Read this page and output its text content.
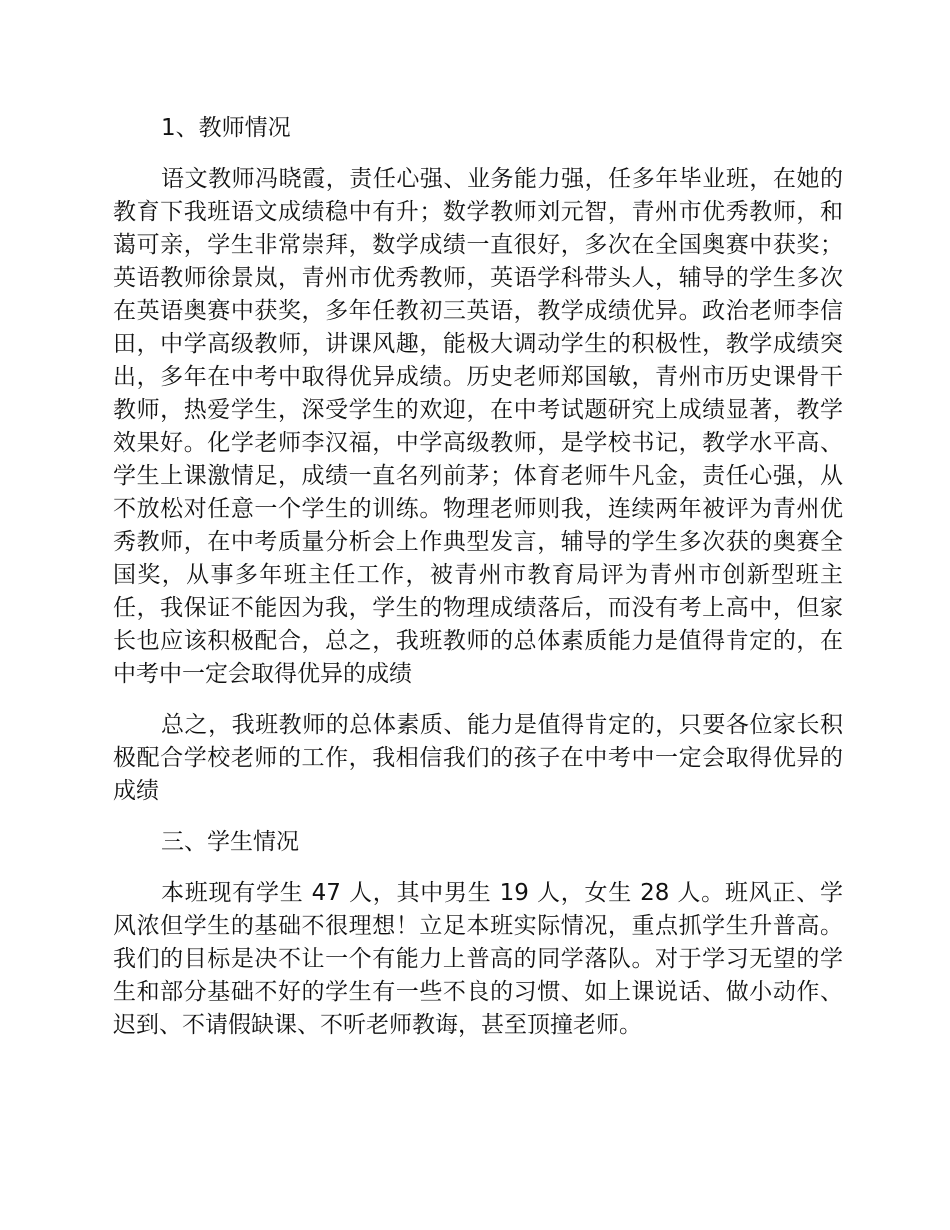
1、教师情况

语文教师冯晓霞，责任心强、业务能力强，任多年毕业班，在她的教育下我班语文成绩稳中有升；数学教师刘元智，青州市优秀教师，和蔼可亲，学生非常崇拜，数学成绩一直很好，多次在全国奥赛中获奖；英语教师徐景岚，青州市优秀教师，英语学科带头人，辅导的学生多次在英语奥赛中获奖，多年任教初三英语，教学成绩优异。政治老师李信田，中学高级教师，讲课风趣，能极大调动学生的积极性，教学成绩突出，多年在中考中取得优异成绩。历史老师郑国敏，青州市历史课骨干教师，热爱学生，深受学生的欢迎，在中考试题研究上成绩显著，教学效果好。化学老师李汉福，中学高级教师，是学校书记，教学水平高、学生上课激情足，成绩一直名列前茅；体育老师牛凡金，责任心强，从不放松对任意一个学生的训练。物理老师则我，连续两年被评为青州优秀教师，在中考质量分析会上作典型发言，辅导的学生多次获的奥赛全国奖，从事多年班主任工作，被青州市教育局评为青州市创新型班主任，我保证不能因为我，学生的物理成绩落后，而没有考上高中，但家长也应该积极配合，总之，我班教师的总体素质能力是值得肯定的，在中考中一定会取得优异的成绩

总之，我班教师的总体素质、能力是值得肯定的，只要各位家长积极配合学校老师的工作，我相信我们的孩子在中考中一定会取得优异的成绩

三、学生情况

本班现有学生 47 人，其中男生 19 人，女生 28 人。班风正、学风浓但学生的基础不很理想！立足本班实际情况，重点抓学生升普高。我们的目标是决不让一个有能力上普高的同学落队。对于学习无望的学生和部分基础不好的学生有一些不良的习惯、如上课说话、做小动作、迟到、不请假缺课、不听老师教诲，甚至顶撞老师。
